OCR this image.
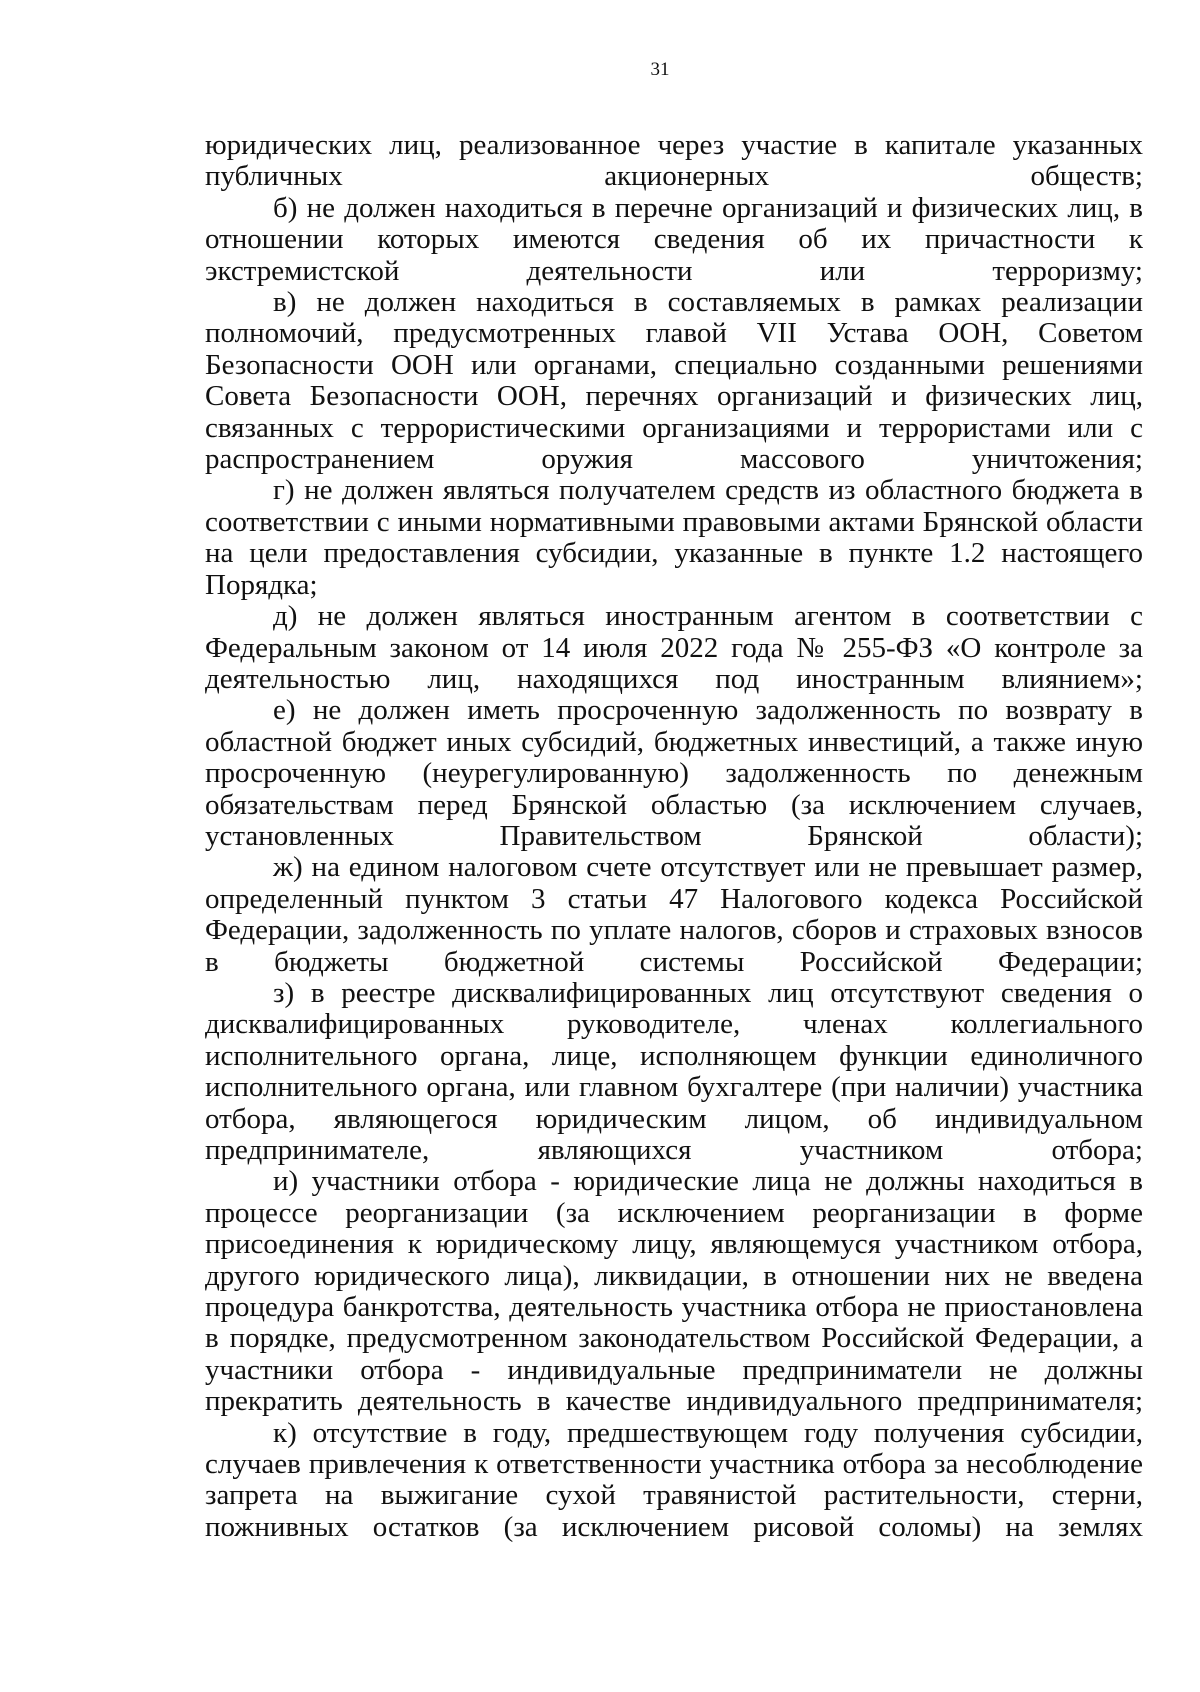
31
юридических лиц, реализованное через участие в капитале указанных публичных акционерных обществ;
б) не должен находиться в перечне организаций и физических лиц, в отношении которых имеются сведения об их причастности к экстремистской	деятельности или терроризму;
в) не должен находиться в составляемых в рамках реализации полномочий, предусмотренных главой VII Устава ООН, Советом Безопасности ООН или органами, специально созданными решениями Совета Безопасности ООН, перечнях организаций и физических лиц, связанных с террористическими организациями и террористами или с распространением оружия массового уничтожения;
г) не должен являться получателем средств из областного бюджета в соответствии с иными нормативными правовыми актами Брянской области на цели предоставления субсидии, указанные в пункте 1.2 настоящего Порядка;
д) не должен являться иностранным агентом в соответствии с Федеральным законом от 14 июля 2022 года № 255-ФЗ «О контроле за деятельностью лиц, находящихся под иностранным влиянием»;
е) не должен иметь просроченную задолженность по возврату в областной бюджет иных субсидий, бюджетных инвестиций, а также иную просроченную (неурегулированную) задолженность по денежным обязательствам перед Брянской областью (за исключением случаев, установленных Правительством Брянской области);
ж) на едином налоговом счете отсутствует или не превышает размер, определенный пунктом 3 статьи 47 Налогового кодекса Российской Федерации, задолженность по уплате налогов, сборов и страховых взносов в бюджеты бюджетной системы Российской Федерации;
з) в реестре дисквалифицированных лиц отсутствуют сведения о дисквалифицированных руководителе, членах коллегиального исполнительного органа, лице, исполняющем функции единоличного исполнительного органа, или главном бухгалтере (при наличии) участника отбора, являющегося юридическим лицом, об индивидуальном предпринимателе, являющихся участником отбора;
и) участники отбора - юридические лица не должны находиться в процессе реорганизации (за исключением реорганизации в форме присоединения к юридическому лицу, являющемуся участником отбора, другого юридического лица), ликвидации, в отношении них не введена процедура банкротства, деятельность участника отбора не приостановлена в порядке, предусмотренном законодательством Российской Федерации, а участники отбора - индивидуальные предприниматели не должны прекратить деятельность в качестве индивидуального предпринимателя;
к) отсутствие в году, предшествующем году получения субсидии, случаев привлечения к ответственности участника отбора за несоблюдение запрета на выжигание сухой травянистой растительности, стерни, пожнивных остатков (за исключением рисовой соломы) на землях
